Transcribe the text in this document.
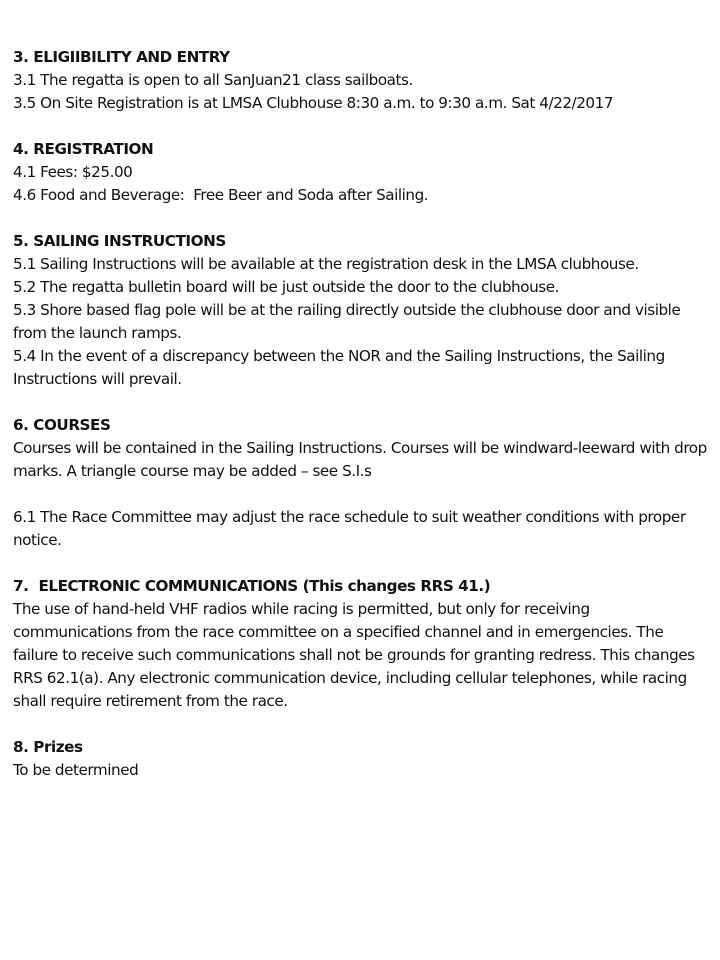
3. ELIGIIBILITY AND ENTRY

3.1 The regatta is open to all SanJuan21 class sailboats.

3.5 On Site Registration is at LMSA Clubhouse 8:30 a.m. to 9:30 a.m. Sat 4/22/2017

4. REGISTRATION

4.1 Fees: $25.00

4.6 Food and Beverage:  Free Beer and Soda after Sailing.

5. SAILING INSTRUCTIONS

5.1 Sailing Instructions will be available at the registration desk in the LMSA clubhouse.

5.2 The regatta bulletin board will be just outside the door to the clubhouse.

5.3 Shore based flag pole will be at the railing directly outside the clubhouse door and visible from the launch ramps.

5.4 In the event of a discrepancy between the NOR and the Sailing Instructions, the Sailing Instructions will prevail.

6. COURSES

Courses will be contained in the Sailing Instructions. Courses will be windward-leeward with drop marks. A triangle course may be added – see S.I.s

6.1 The Race Committee may adjust the race schedule to suit weather conditions with proper notice.

7. ELECTRONIC COMMUNICATIONS (This changes RRS 41.)

The use of hand-held VHF radios while racing is permitted, but only for receiving communications from the race committee on a specified channel and in emergencies. The failure to receive such communications shall not be grounds for granting redress. This changes RRS 62.1(a). Any electronic communication device, including cellular telephones, while racing shall require retirement from the race.

8. Prizes

To be determined
